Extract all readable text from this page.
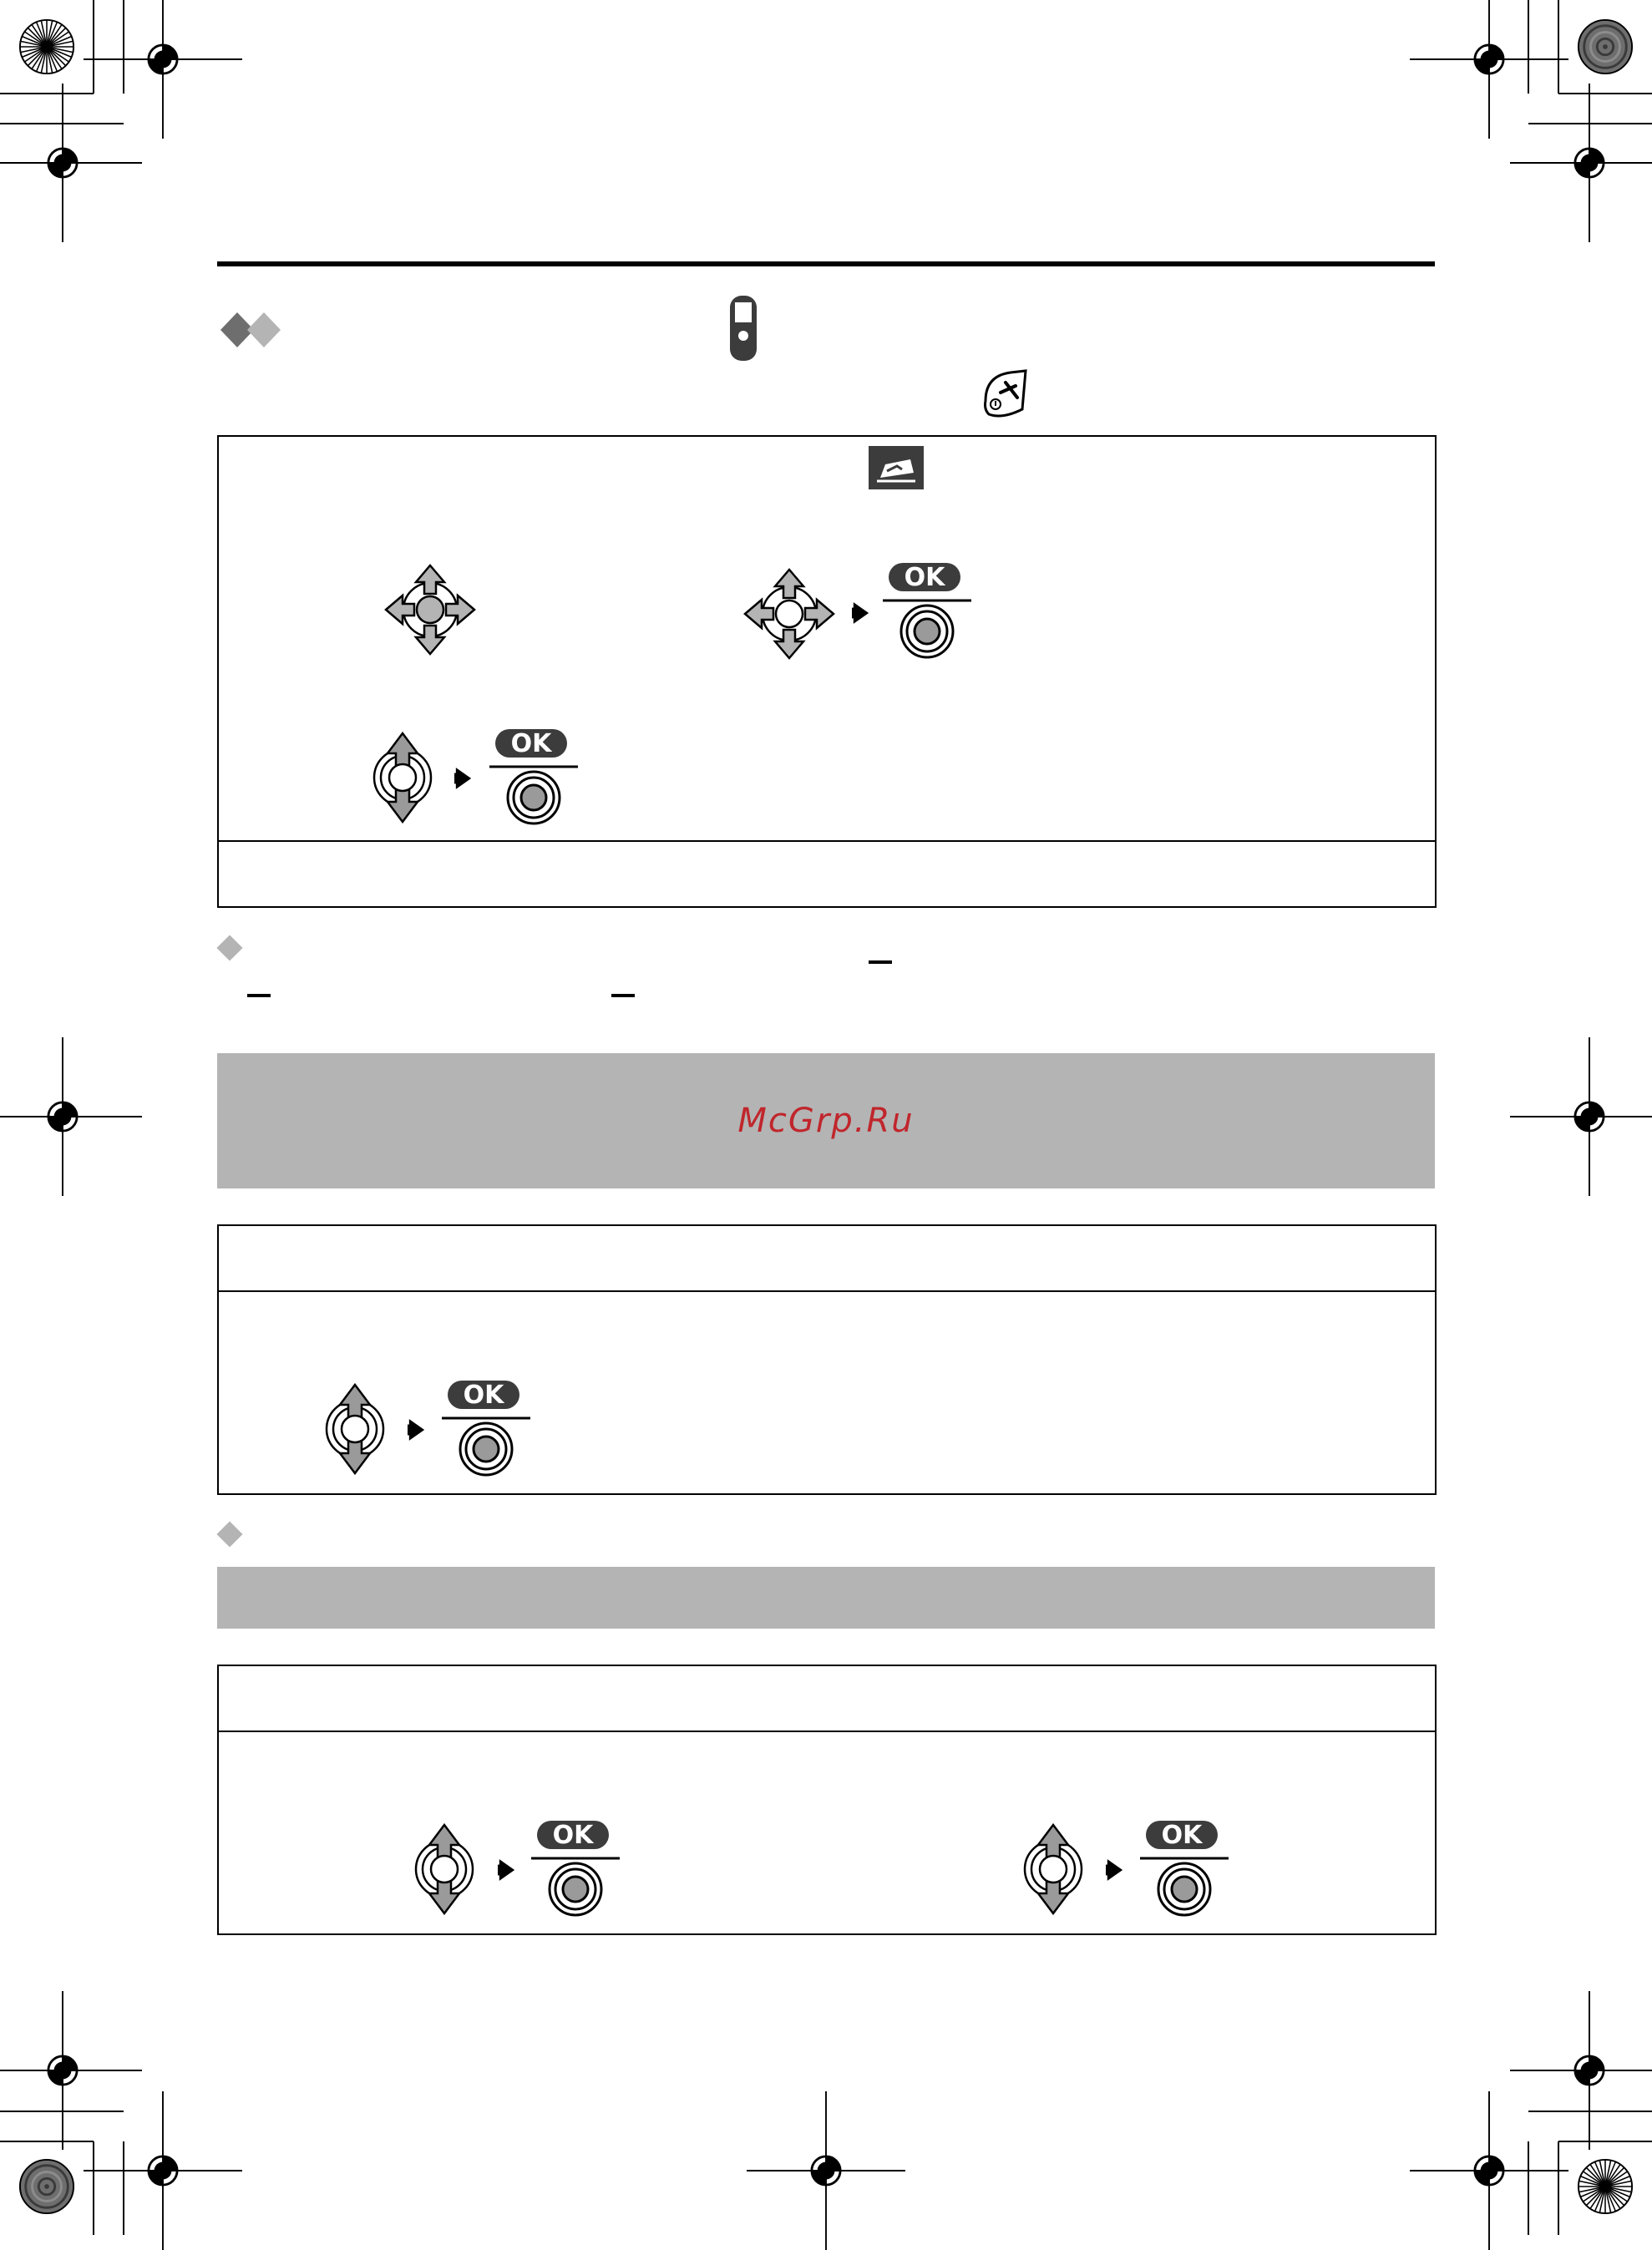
OK
OK
McGrp.Ru
OK
OK	OK
